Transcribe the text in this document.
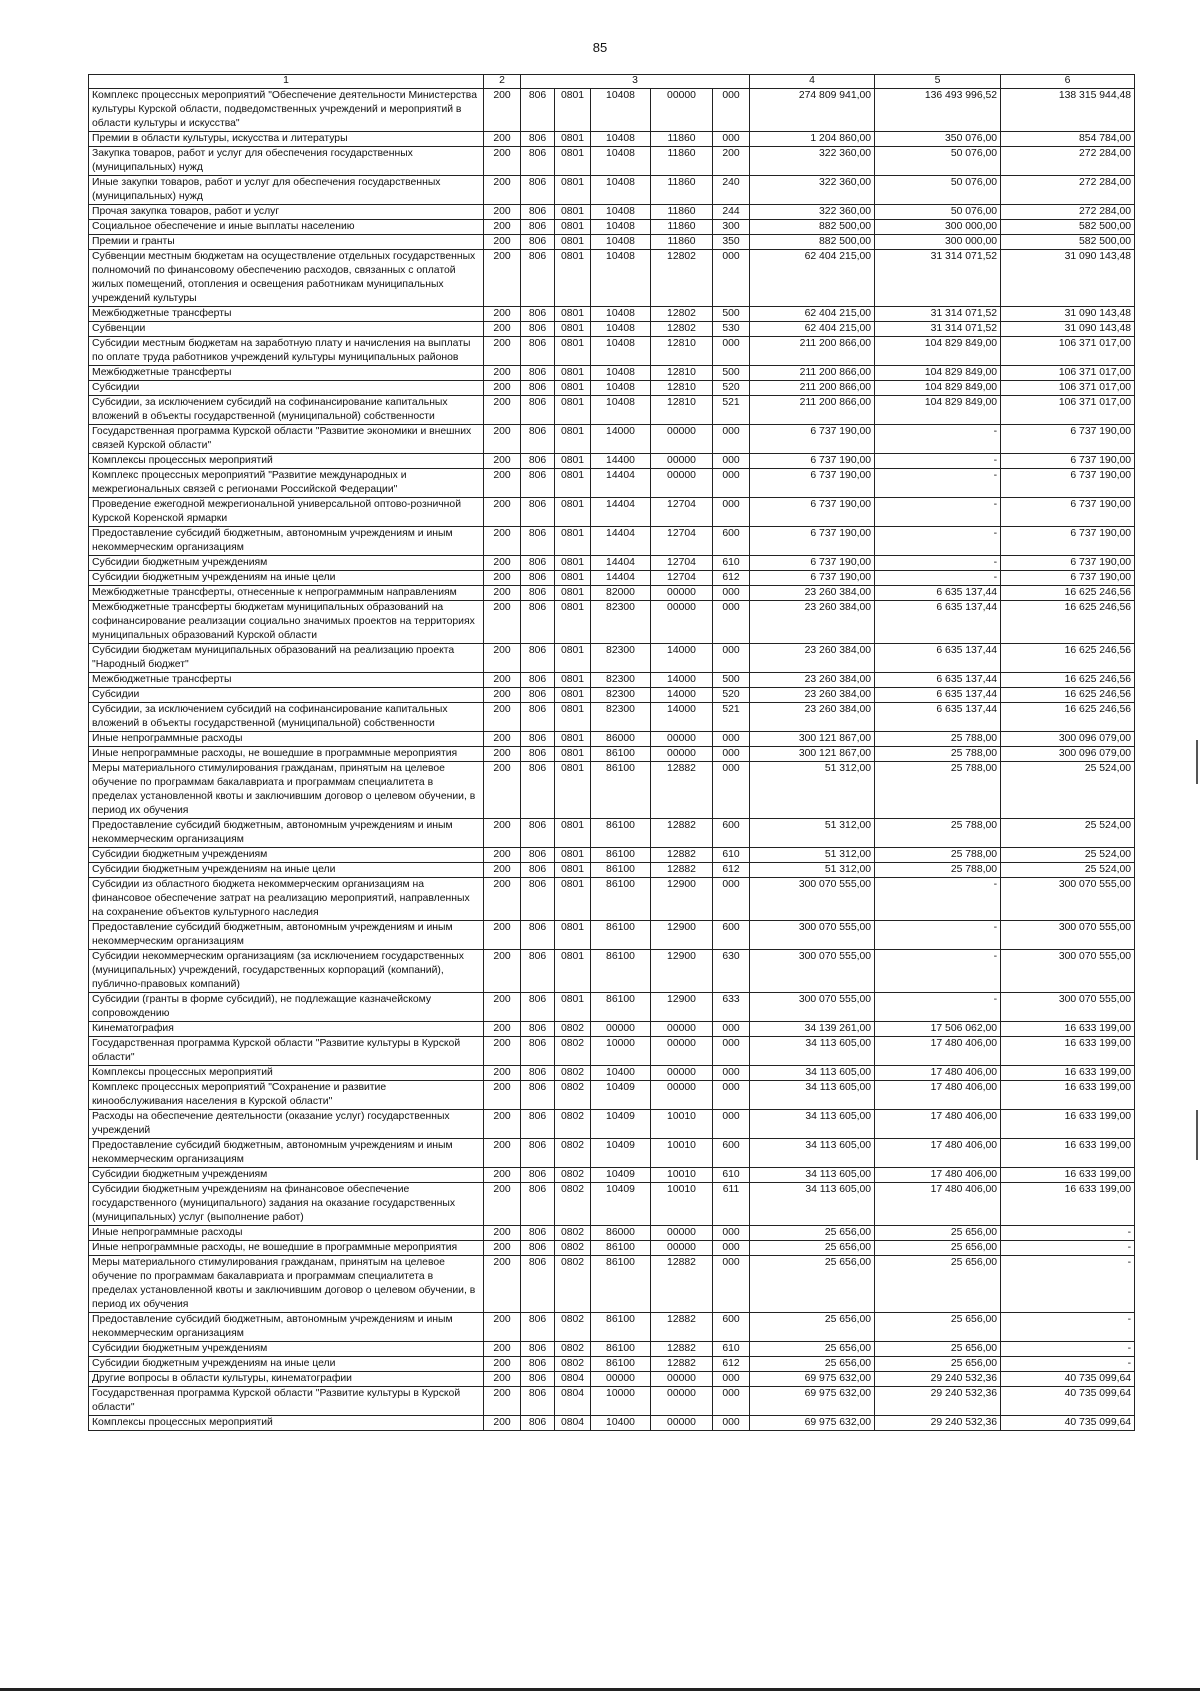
85
1	2	3					4	5	6
Комплекс процессных мероприятий "Обеспечение деятельности Министерства культуры Курской области, подведомственных учреждений и мероприятий в области культуры и искусства"	200	806	0801	10408	00000	000	274 809 941,00	136 493 996,52	138 315 944,48
Премии в области культуры, искусства и литературы	200	806	0801	10408	11860	000	1 204 860,00	350 076,00	854 784,00
Закупка товаров, работ и услуг для обеспечения государственных (муниципальных) нужд	200	806	0801	10408	11860	200	322 360,00	50 076,00	272 284,00
Иные закупки товаров, работ и услуг для обеспечения государственных (муниципальных) нужд	200	806	0801	10408	11860	240	322 360,00	50 076,00	272 284,00
Прочая закупка товаров, работ и услуг	200	806	0801	10408	11860	244	322 360,00	50 076,00	272 284,00
Социальное обеспечение и иные выплаты населению	200	806	0801	10408	11860	300	882 500,00	300 000,00	582 500,00
Премии и гранты	200	806	0801	10408	11860	350	882 500,00	300 000,00	582 500,00
Субвенции местным бюджетам на осуществление отдельных государственных полномочий по финансовому обеспечению расходов, связанных с оплатой жилых помещений, отопления и освещения работникам муниципальных учреждений культуры	200	806	0801	10408	12802	000	62 404 215,00	31 314 071,52	31 090 143,48
Межбюджетные трансферты	200	806	0801	10408	12802	500	62 404 215,00	31 314 071,52	31 090 143,48
Субвенции	200	806	0801	10408	12802	530	62 404 215,00	31 314 071,52	31 090 143,48
Субсидии местным бюджетам на заработную плату и начисления на выплаты по оплате труда работников учреждений культуры муниципальных районов	200	806	0801	10408	12810	000	211 200 866,00	104 829 849,00	106 371 017,00
Межбюджетные трансферты	200	806	0801	10408	12810	500	211 200 866,00	104 829 849,00	106 371 017,00
Субсидии	200	806	0801	10408	12810	520	211 200 866,00	104 829 849,00	106 371 017,00
Субсидии, за исключением субсидий на софинансирование капитальных вложений в объекты государственной (муниципальной) собственности	200	806	0801	10408	12810	521	211 200 866,00	104 829 849,00	106 371 017,00
Государственная программа Курской области "Развитие экономики и внешних связей Курской области"	200	806	0801	14000	00000	000	6 737 190,00	-	6 737 190,00
Комплексы процессных мероприятий	200	806	0801	14400	00000	000	6 737 190,00	-	6 737 190,00
Комплекс процессных мероприятий "Развитие международных и межрегиональных связей с регионами Российской Федерации"	200	806	0801	14404	00000	000	6 737 190,00	-	6 737 190,00
Проведение ежегодной межрегиональной универсальной оптово-розничной Курской Коренской ярмарки	200	806	0801	14404	12704	000	6 737 190,00	-	6 737 190,00
Предоставление субсидий бюджетным, автономным учреждениям и иным некоммерческим организациям	200	806	0801	14404	12704	600	6 737 190,00	-	6 737 190,00
Субсидии бюджетным учреждениям	200	806	0801	14404	12704	610	6 737 190,00	-	6 737 190,00
Субсидии бюджетным учреждениям на иные цели	200	806	0801	14404	12704	612	6 737 190,00	-	6 737 190,00
Межбюджетные трансферты, отнесенные к непрограммным направлениям	200	806	0801	82000	00000	000	23 260 384,00	6 635 137,44	16 625 246,56
Межбюджетные трансферты бюджетам муниципальных образований на софинансирование реализации социально значимых проектов на территориях муниципальных образований Курской области	200	806	0801	82300	00000	000	23 260 384,00	6 635 137,44	16 625 246,56
Субсидии бюджетам муниципальных образований на реализацию проекта "Народный бюджет"	200	806	0801	82300	14000	000	23 260 384,00	6 635 137,44	16 625 246,56
Межбюджетные трансферты	200	806	0801	82300	14000	500	23 260 384,00	6 635 137,44	16 625 246,56
Субсидии	200	806	0801	82300	14000	520	23 260 384,00	6 635 137,44	16 625 246,56
Субсидии, за исключением субсидий на софинансирование капитальных вложений в объекты государственной (муниципальной) собственности	200	806	0801	82300	14000	521	23 260 384,00	6 635 137,44	16 625 246,56
Иные непрограммные расходы	200	806	0801	86000	00000	000	300 121 867,00	25 788,00	300 096 079,00
Иные непрограммные расходы, не вошедшие в программные мероприятия	200	806	0801	86100	00000	000	300 121 867,00	25 788,00	300 096 079,00
Меры материального стимулирования гражданам, принятым на целевое обучение по программам бакалавриата и программам специалитета в пределах установленной квоты и заключившим договор о целевом обучении, в период их обучения	200	806	0801	86100	12882	000	51 312,00	25 788,00	25 524,00
Предоставление субсидий бюджетным, автономным учреждениям и иным некоммерческим организациям	200	806	0801	86100	12882	600	51 312,00	25 788,00	25 524,00
Субсидии бюджетным учреждениям	200	806	0801	86100	12882	610	51 312,00	25 788,00	25 524,00
Субсидии бюджетным учреждениям на иные цели	200	806	0801	86100	12882	612	51 312,00	25 788,00	25 524,00
Субсидии из областного бюджета некоммерческим организациям на финансовое обеспечение затрат на реализацию мероприятий, направленных на сохранение объектов культурного наследия	200	806	0801	86100	12900	000	300 070 555,00	-	300 070 555,00
Предоставление субсидий бюджетным, автономным учреждениям и иным некоммерческим организациям	200	806	0801	86100	12900	600	300 070 555,00	-	300 070 555,00
Субсидии некоммерческим организациям (за исключением государственных (муниципальных) учреждений, государственных корпораций (компаний), публично-правовых компаний)	200	806	0801	86100	12900	630	300 070 555,00	-	300 070 555,00
Субсидии (гранты в форме субсидий), не подлежащие казначейскому сопровождению	200	806	0801	86100	12900	633	300 070 555,00	-	300 070 555,00
Кинематография	200	806	0802	00000	00000	000	34 139 261,00	17 506 062,00	16 633 199,00
Государственная программа Курской области "Развитие культуры в Курской области"	200	806	0802	10000	00000	000	34 113 605,00	17 480 406,00	16 633 199,00
Комплексы процессных мероприятий	200	806	0802	10400	00000	000	34 113 605,00	17 480 406,00	16 633 199,00
Комплекс процессных мероприятий "Сохранение и развитие кинообслуживания населения в Курской области"	200	806	0802	10409	00000	000	34 113 605,00	17 480 406,00	16 633 199,00
Расходы на обеспечение деятельности (оказание услуг) государственных учреждений	200	806	0802	10409	10010	000	34 113 605,00	17 480 406,00	16 633 199,00
Предоставление субсидий бюджетным, автономным учреждениям и иным некоммерческим организациям	200	806	0802	10409	10010	600	34 113 605,00	17 480 406,00	16 633 199,00
Субсидии бюджетным учреждениям	200	806	0802	10409	10010	610	34 113 605,00	17 480 406,00	16 633 199,00
Субсидии бюджетным учреждениям на финансовое обеспечение государственного (муниципального) задания на оказание государственных (муниципальных) услуг (выполнение работ)	200	806	0802	10409	10010	611	34 113 605,00	17 480 406,00	16 633 199,00
Иные непрограммные расходы	200	806	0802	86000	00000	000	25 656,00	25 656,00	-
Иные непрограммные расходы, не вошедшие в программные мероприятия	200	806	0802	86100	00000	000	25 656,00	25 656,00	-
Меры материального стимулирования гражданам, принятым на целевое обучение по программам бакалавриата и программам специалитета в пределах установленной квоты и заключившим договор о целевом обучении, в период их обучения	200	806	0802	86100	12882	000	25 656,00	25 656,00	-
Предоставление субсидий бюджетным, автономным учреждениям и иным некоммерческим организациям	200	806	0802	86100	12882	600	25 656,00	25 656,00	-
Субсидии бюджетным учреждениям	200	806	0802	86100	12882	610	25 656,00	25 656,00	-
Субсидии бюджетным учреждениям на иные цели	200	806	0802	86100	12882	612	25 656,00	25 656,00	-
Другие вопросы в области культуры, кинематографии	200	806	0804	00000	00000	000	69 975 632,00	29 240 532,36	40 735 099,64
Государственная программа Курской области "Развитие культуры в Курской области"	200	806	0804	10000	00000	000	69 975 632,00	29 240 532,36	40 735 099,64
Комплексы процессных мероприятий	200	806	0804	10400	00000	000	69 975 632,00	29 240 532,36	40 735 099,64
